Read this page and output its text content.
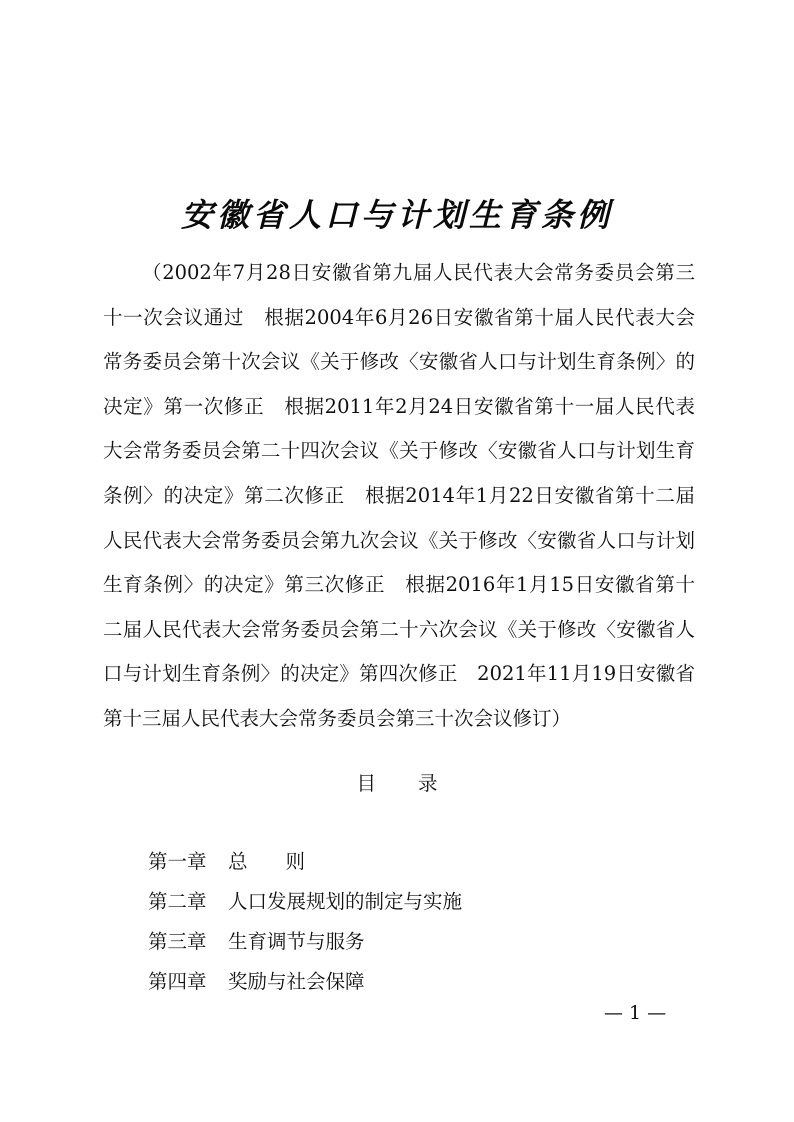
安徽省人口与计划生育条例

（2002年7月28日安徽省第九届人民代表大会常务委员会第三十一次会议通过　根据2004年6月26日安徽省第十届人民代表大会常务委员会第十次会议《关于修改〈安徽省人口与计划生育条例〉的决定》第一次修正　根据2011年2月24日安徽省第十一届人民代表大会常务委员会第二十四次会议《关于修改〈安徽省人口与计划生育条例〉的决定》第二次修正　根据2014年1月22日安徽省第十二届人民代表大会常务委员会第九次会议《关于修改〈安徽省人口与计划生育条例〉的决定》第三次修正　根据2016年1月15日安徽省第十二届人民代表大会常务委员会第二十六次会议《关于修改〈安徽省人口与计划生育条例〉的决定》第四次修正　2021年11月19日安徽省第十三届人民代表大会常务委员会第三十次会议修订）

目 录
第一章 总则
第二章 人口发展规划的制定与实施
第三章 生育调节与服务
第四章 奖励与社会保障
— 1 —
